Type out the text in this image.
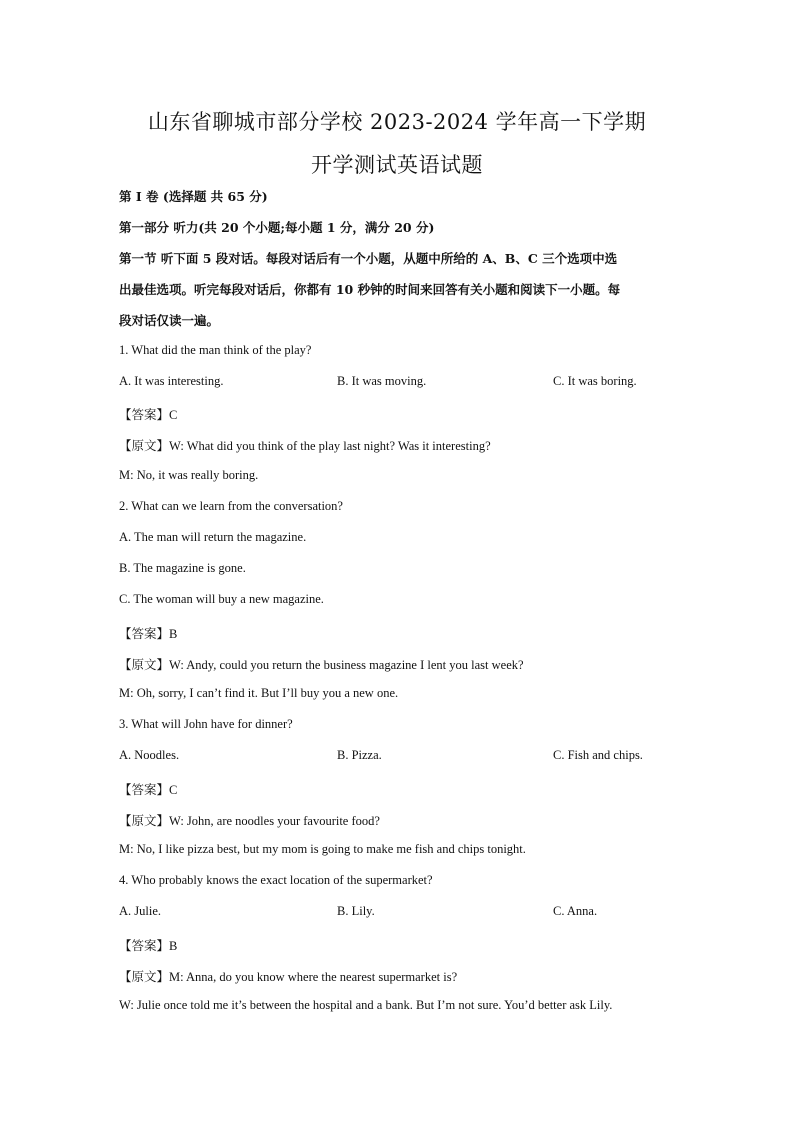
山东省聊城市部分学校 2023-2024 学年高一下学期
开学测试英语试题
第 I 卷 (选择题 共 65 分)
第一部分 听力(共 20 个小题;每小题 1 分，满分 20 分)
第一节 听下面 5 段对话。每段对话后有一个小题，从题中所给的 A、B、C 三个选项中选
出最佳选项。听完每段对话后，你都有 10 秒钟的时间来回答有关小题和阅读下一小题。每
段对话仅读一遍。
1. What did the man think of the play?
A. It was interesting.	B. It was moving.	C. It was boring.
【答案】C
【原文】W: What did you think of the play last night? Was it interesting?
M: No, it was really boring.
2. What can we learn from the conversation?
A. The man will return the magazine.
B. The magazine is gone.
C. The woman will buy a new magazine.
【答案】B
【原文】W: Andy, could you return the business magazine I lent you last week?
M: Oh, sorry, I can’t find it. But I’ll buy you a new one.
3. What will John have for dinner?
A. Noodles.	B. Pizza.	C. Fish and chips.
【答案】C
【原文】W: John, are noodles your favourite food?
M: No, I like pizza best, but my mom is going to make me fish and chips tonight.
4. Who probably knows the exact location of the supermarket?
A. Julie.	B. Lily.	C. Anna.
【答案】B
【原文】M: Anna, do you know where the nearest supermarket is?
W: Julie once told me it’s between the hospital and a bank. But I’m not sure. You’d better ask Lily.
